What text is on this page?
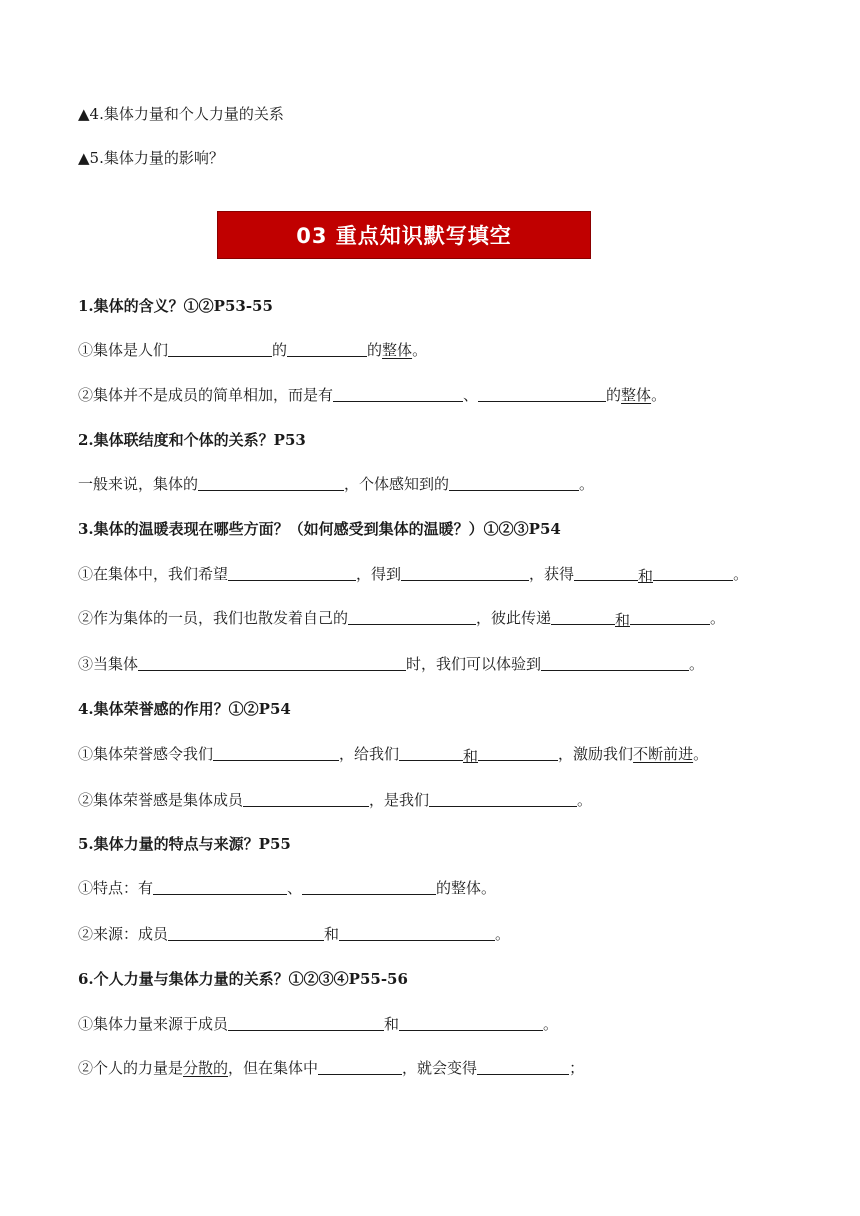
▲4.集体力量和个人力量的关系
▲5.集体力量的影响？
03 重点知识默写填空
1.集体的含义？①②P53-55
①集体是人们	的	的整体。
②集体并不是成员的简单相加，而是有	、	的整体。
2.集体联结度和个体的关系？P53
一般来说，集体的	，个体感知到的	。
3.集体的温暖表现在哪些方面？（如何感受到集体的温暖？）①②③P54
①在集体中，我们希望	，得到	，获得	和	。
②作为集体的一员，我们也散发着自己的	，彼此传递	和	。
③当集体	时，我们可以体验到	。
4.集体荣誉感的作用？①②P54
①集体荣誉感令我们	，给我们	和	，激励我们不断前进。
②集体荣誉感是集体成员	，是我们	。
5.集体力量的特点与来源？P55
①特点：有	、	的整体。
②来源：成员	和	。
6.个人力量与集体力量的关系？①②③④P55-56
①集体力量来源于成员	和	。
②个人的力量是分散的，但在集体中	，就会变得	；
